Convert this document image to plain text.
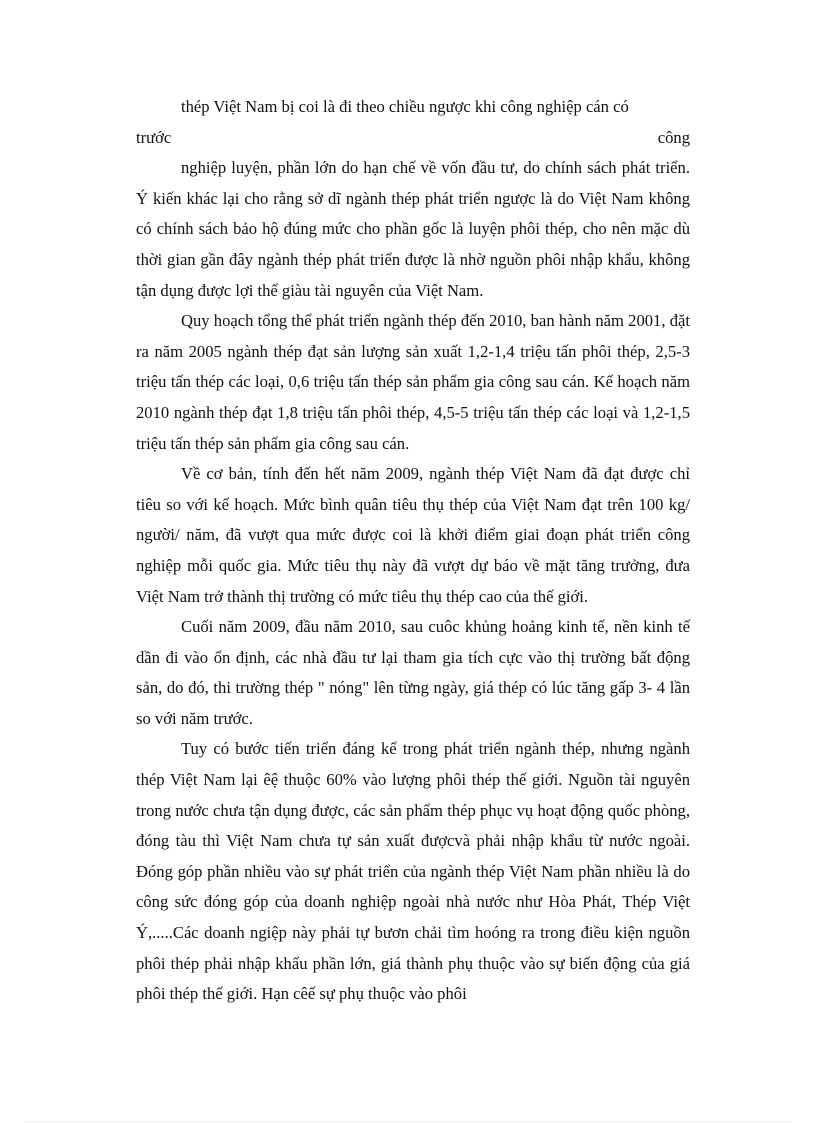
thép Việt Nam bị coi là đi theo chiều ngược khi công nghiệp cán có

trước	công

nghiệp luyện, phần lớn do hạn chế về vốn đầu tư, do chính sách phát triển. Ý kiến khác lại cho rằng sở dĩ ngành thép phát triển ngược là do Việt Nam không có chính sách bảo hộ đúng mức cho phần gốc là luyện phôi thép, cho nên mặc dù thời gian gần đây ngành thép phát triển được là nhờ nguồn phôi nhập khẩu, không tận dụng được lợi thế giàu tài nguyên của Việt Nam.

Quy hoạch tổng thể phát triển ngành thép đến 2010, ban hành năm 2001, đặt ra năm 2005 ngành thép đạt sản lượng sản xuất 1,2-1,4 triệu tấn phôi thép, 2,5-3 triệu tấn thép các loại, 0,6 triệu tấn thép sản phẩm gia công sau cán. Kế hoạch năm 2010 ngành thép đạt 1,8 triệu tấn phôi thép, 4,5-5 triệu tấn thép các loại và 1,2-1,5 triệu tấn thép sản phẩm gia công sau cán.

Về cơ bản, tính đến hết năm 2009, ngành thép Việt Nam đã đạt được chỉ tiêu so với kế hoạch. Mức bình quân tiêu thụ thép của Việt Nam đạt trên 100 kg/ người/ năm, đã vượt qua mức được coi là khởi điểm giai đoạn phát triển công nghiệp mỗi quốc gia. Mức tiêu thụ này đã vượt dự báo về mặt tăng trưởng, đưa Việt Nam trở thành thị trường có mức tiêu thụ thép cao của thế giới.

Cuối năm 2009, đầu năm 2010, sau cuôc khủng hoảng kinh tế, nền kinh tế dần đi vào ổn định, các nhà đầu tư lại tham gia tích cực vào thị trường bất động sản, do đó, thi trường thép " nóng" lên từng ngày, giá thép có lúc tăng gấp 3- 4 lần so với năm trước.

Tuy có bước tiến triển đáng kể trong phát triển ngành thép, nhưng ngành thép Việt Nam lại êệ thuộc 60% vào lượng phôi thép thế giới. Nguồn tài nguyên trong nước chưa tận dụng được, các sản phẩm thép phục vụ hoạt động quốc phòng, đóng tàu thì Việt Nam chưa tự sản xuất đượcvà phải nhập khẩu từ nước ngoài. Đóng góp phần nhiều vào sự phát triển của ngành thép Việt Nam phần nhiều là do công sức đóng góp của doanh nghiệp ngoài nhà nước như Hòa Phát, Thép Việt Ý,.....Các doanh ngiệp này phải tự bươn chải tìm hoóng ra trong điều kiện nguồn phôi thép phải nhập khẩu phần lớn, giá thành phụ thuộc vào sự biến động của giá phôi thép thế giới. Hạn cêế sự phụ thuộc vào phôi
